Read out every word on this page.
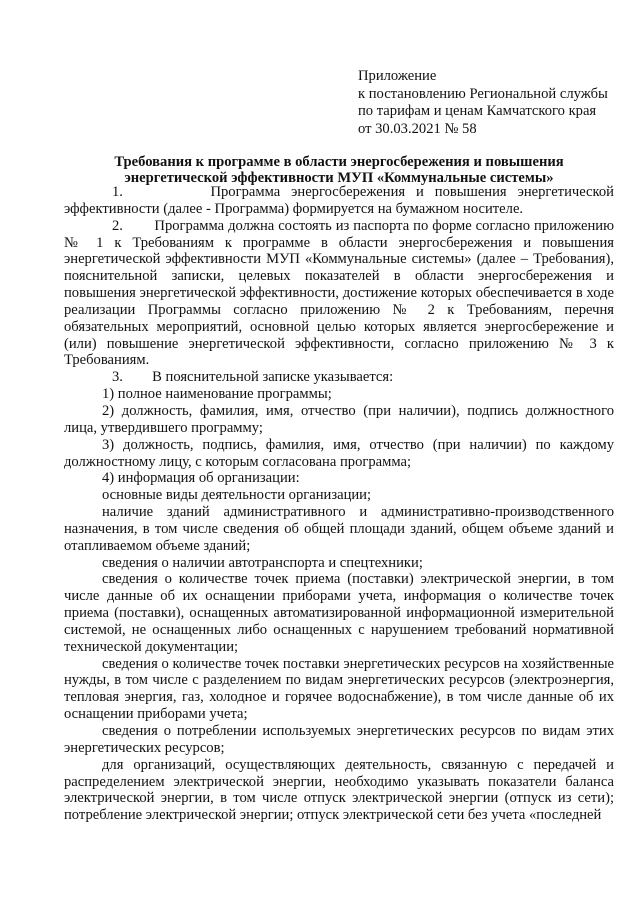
Приложение
к постановлению Региональной службы
по тарифам и ценам Камчатского края
от 30.03.2021 № 58
Требования к программе в области энергосбережения и повышения энергетической эффективности МУП «Коммунальные системы»

1.        Программа энергосбережения и повышения энергетической эффективности (далее - Программа) формируется на бумажном носителе.

2.        Программа должна состоять из паспорта по форме согласно приложению № 1 к Требованиям к программе в области энергосбережения и повышения энергетической эффективности МУП «Коммунальные системы» (далее – Требования), пояснительной записки, целевых показателей в области энергосбережения и повышения энергетической эффективности, достижение которых обеспечивается в ходе реализации Программы согласно приложению № 2 к Требованиям, перечня обязательных мероприятий, основной целью которых является энергосбережение и (или) повышение энергетической эффективности, согласно приложению № 3 к Требованиям.

3.        В пояснительной записке указывается:

1) полное наименование программы;

2) должность, фамилия, имя, отчество (при наличии), подпись должностного лица, утвердившего программу;

3) должность, подпись, фамилия, имя, отчество (при наличии) по каждому должностному лицу, с которым согласована программа;

4) информация об организации:

основные виды деятельности организации;

наличие зданий административного и административно-производственного назначения, в том числе сведения об общей площади зданий, общем объеме зданий и отапливаемом объеме зданий;

сведения о наличии автотранспорта и спецтехники;

сведения о количестве точек приема (поставки) электрической энергии, в том числе данные об их оснащении приборами учета, информация о количестве точек приема (поставки), оснащенных автоматизированной информационной измерительной системой, не оснащенных либо оснащенных с нарушением требований нормативной технической документации;

сведения о количестве точек поставки энергетических ресурсов на хозяйственные нужды, в том числе с разделением по видам энергетических ресурсов (электроэнергия, тепловая энергия, газ, холодное и горячее водоснабжение), в том числе данные об их оснащении приборами учета;

сведения о потреблении используемых энергетических ресурсов по видам этих энергетических ресурсов;

для организаций, осуществляющих деятельность, связанную с передачей и распределением электрической энергии, необходимо указывать показатели баланса электрической энергии, в том числе отпуск электрической энергии (отпуск из сети); потребление электрической энергии; отпуск электрической сети без учета «последней
